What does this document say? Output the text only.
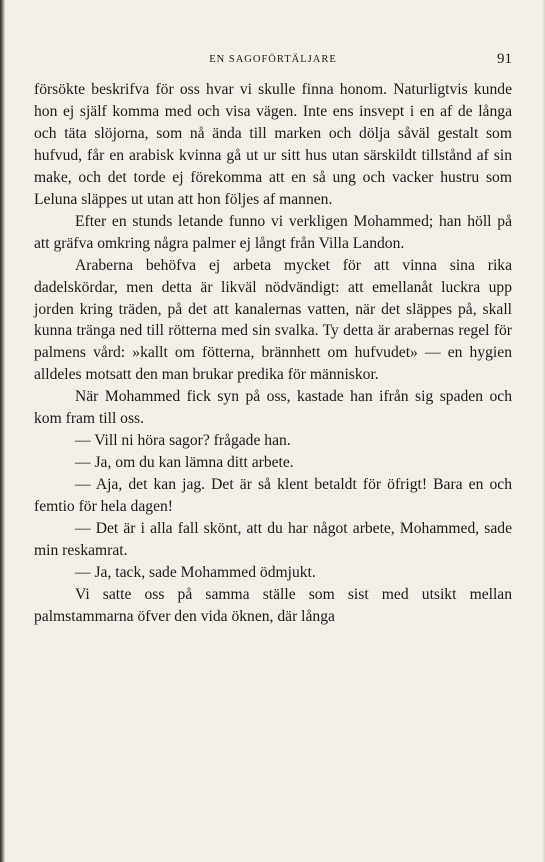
EN SAGOFÖRTÄLJARE	91

försökte beskrifva för oss hvar vi skulle finna honom. Naturligtvis kunde hon ej själf komma med och visa vägen. Inte ens insvept i en af de långa och täta slöjorna, som nå ända till marken och dölja såväl gestalt som hufvud, får en arabisk kvinna gå ut ur sitt hus utan särskildt tillstånd af sin make, och det torde ej förekomma att en så ung och vacker hustru som Leluna släppes ut utan att hon följes af mannen.

Efter en stunds letande funno vi verkligen Mohammed; han höll på att gräfva omkring några palmer ej långt från Villa Landon.

Araberna behöfva ej arbeta mycket för att vinna sina rika dadelskördar, men detta är likväl nödvändigt: att emellanåt luckra upp jorden kring träden, på det att kanalernas vatten, när det släppes på, skall kunna tränga ned till rötterna med sin svalka. Ty detta är arabernas regel för palmens vård: »kallt om fötterna, brännhett om hufvudet» — en hygien alldeles motsatt den man brukar predika för människor.

När Mohammed fick syn på oss, kastade han ifrån sig spaden och kom fram till oss.

— Vill ni höra sagor? frågade han.

— Ja, om du kan lämna ditt arbete.

— Aja, det kan jag. Det är så klent betaldt för öfrigt! Bara en och femtio för hela dagen!

— Det är i alla fall skönt, att du har något arbete, Mohammed, sade min reskamrat.

— Ja, tack, sade Mohammed ödmjukt.

Vi satte oss på samma ställe som sist med utsikt mellan palmstammarna öfver den vida öknen, där långa
